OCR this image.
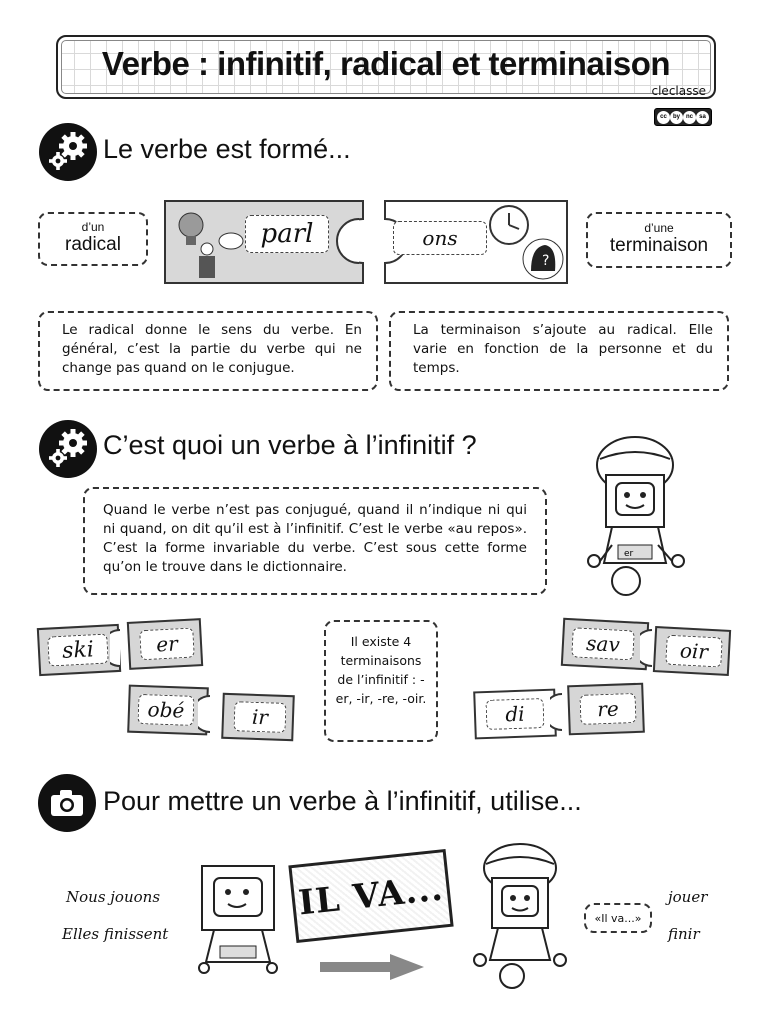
Verbe : infinitif, radical et terminaison
cleclasse
cc	by nc	sa
Le verbe est formé...
d’un
radical
d’une
terminaison
?
parl	ons
Le radical donne le sens du verbe. En général, c’est la partie du verbe qui ne change pas quand on le conjugue.
La terminaison s’ajoute au radical. Elle varie en fonction de la personne et du temps.
C’est quoi un verbe à l’infinitif ?
Quand le verbe n’est pas conjugué, quand il n’indique ni qui ni quand, on dit qu’il est à l’infinitif. C’est le verbe «au repos». C’est la forme invariable du verbe. C’est sous cette forme qu’on le trouve dans le dictionnaire.
er
ski	er
obé	ir
Il existe 4 terminaisons de l’infinitif : -er, -ir, -re, -oir.
sav	oir
di	re
Pour mettre un verbe à l’infinitif, utilise...
Nous jouons
Elles finissent
IL VA...	«Il va...»
jouer
finir
